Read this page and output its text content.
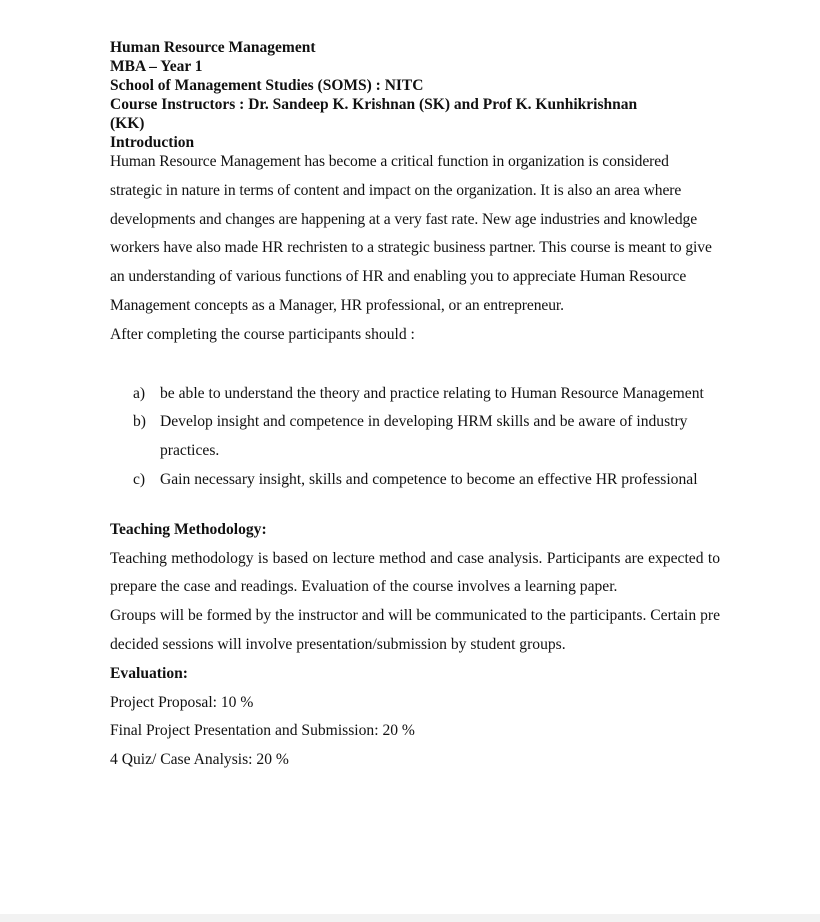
Human Resource Management
MBA – Year 1
School of Management Studies (SOMS) : NITC
Course Instructors : Dr. Sandeep K. Krishnan (SK) and Prof K. Kunhikrishnan
(KK)
Introduction

Human Resource Management has become a critical function in organization is considered strategic in nature in terms of content and impact on the organization. It is also an area where developments and changes are happening at a very fast rate. New age industries and knowledge workers have also made HR rechristen to a strategic business partner. This course is meant to give an understanding of various functions of HR and enabling you to appreciate Human Resource Management concepts as a Manager, HR professional, or an entrepreneur.

After completing the course participants should :

a) be able to understand the theory and practice relating to Human Resource Management
b) Develop insight and competence in developing HRM skills and be aware of industry practices.
c) Gain necessary insight, skills and competence to become an effective HR professional
Teaching Methodology:

Teaching methodology is based on lecture method and case analysis. Participants are expected to prepare the case and readings. Evaluation of the course involves a learning paper.

Groups will be formed by the instructor and will be communicated to the participants. Certain pre decided sessions will involve presentation/submission by student groups.

Evaluation:
Project Proposal: 10 %
Final Project Presentation and Submission: 20 %
4 Quiz/ Case Analysis: 20 %
